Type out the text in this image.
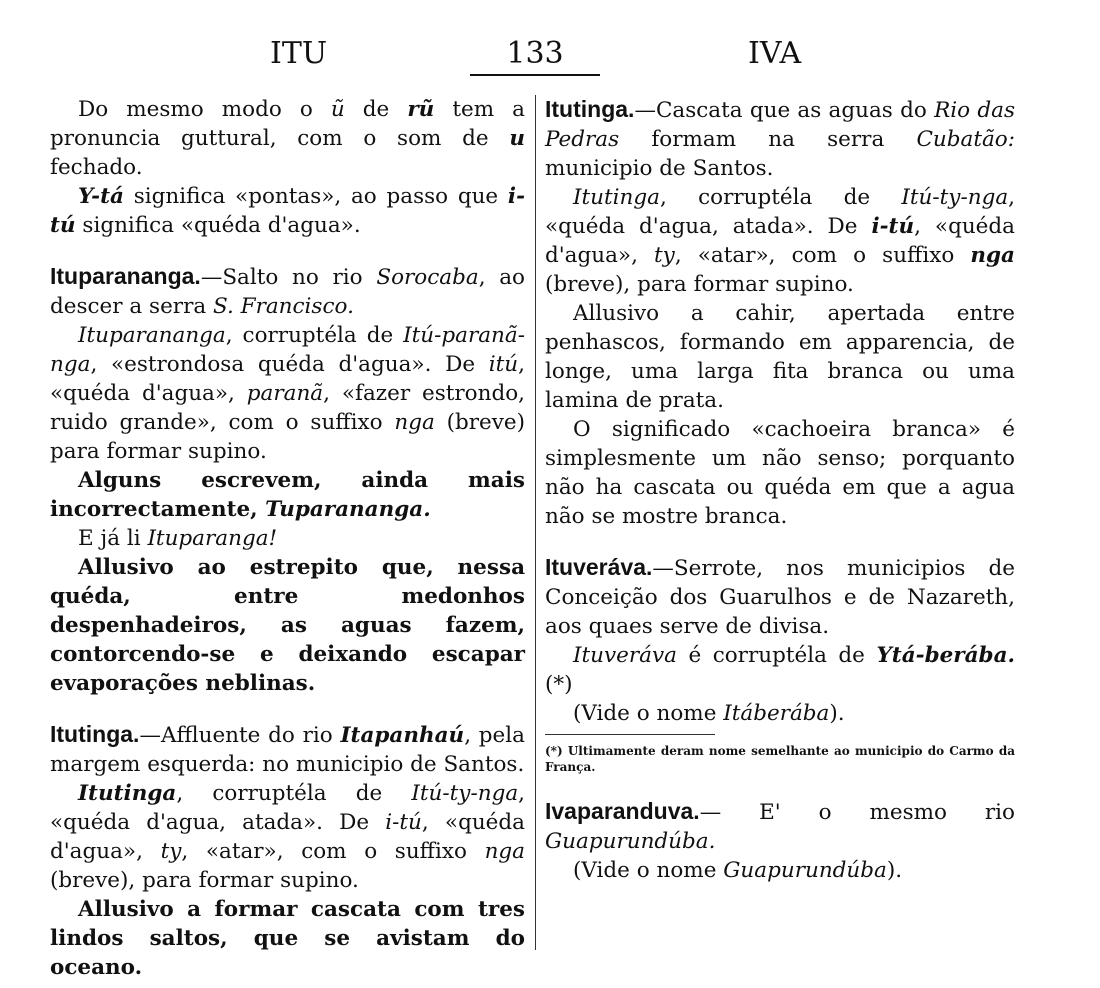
ITU	133	IVA

Do mesmo modo o ũ de rũ tem a pronuncia guttural, com o som de u fechado.

Y-tá significa «pontas», ao passo que i-tú significa «quéda d'agua».

Ituparananga.—Salto no rio Sorocaba, ao descer a serra S. Francisco.

Ituparananga, corruptéla de Itú-paranã-nga, «estrondosa quéda d'agua». De itú, «quéda d'agua», paranã, «fazer estrondo, ruido grande», com o suffixo nga (breve) para formar supino.

Alguns escrevem, ainda mais incorrectamente, Tuparananga.

E já li Ituparanga!

Allusivo ao estrepito que, nessa quéda, entre medonhos despenhadeiros, as aguas fazem, contorcendo-se e deixando escapar evaporações neblinas.

Itutinga.—Affluente do rio Itapanhaú, pela margem esquerda: no municipio de Santos.

Itutinga, corruptéla de Itú-ty-nga, «quéda d'agua, atada». De i-tú, «quéda d'agua», ty, «atar», com o suffixo nga (breve), para formar supino.

Allusivo a formar cascata com tres lindos saltos, que se avistam do oceano.

Itutinga.—Cascata que as aguas do Rio das Pedras formam na serra Cubatão: municipio de Santos.

Itutinga, corruptéla de Itú-ty-nga, «quéda d'agua, atada». De i-tú, «quéda d'agua», ty, «atar», com o suffixo nga (breve), para formar supino.

Allusivo a cahir, apertada entre penhascos, formando em apparencia, de longe, uma larga fita branca ou uma lamina de prata.

O significado «cachoeira branca» é simplesmente um não senso; porquanto não ha cascata ou quéda em que a agua não se mostre branca.

Ituveráva.—Serrote, nos municipios de Conceição dos Guarulhos e de Nazareth, aos quaes serve de divisa.

Ituveráva é corruptéla de Ytá-berába. (*)

(Vide o nome Itáberába).

(*) Ultimamente deram nome semelhante ao municipio do Carmo da França.

Ivaparanduva.— E' o mesmo rio Guapurundúba.

(Vide o nome Guapurundúba).
